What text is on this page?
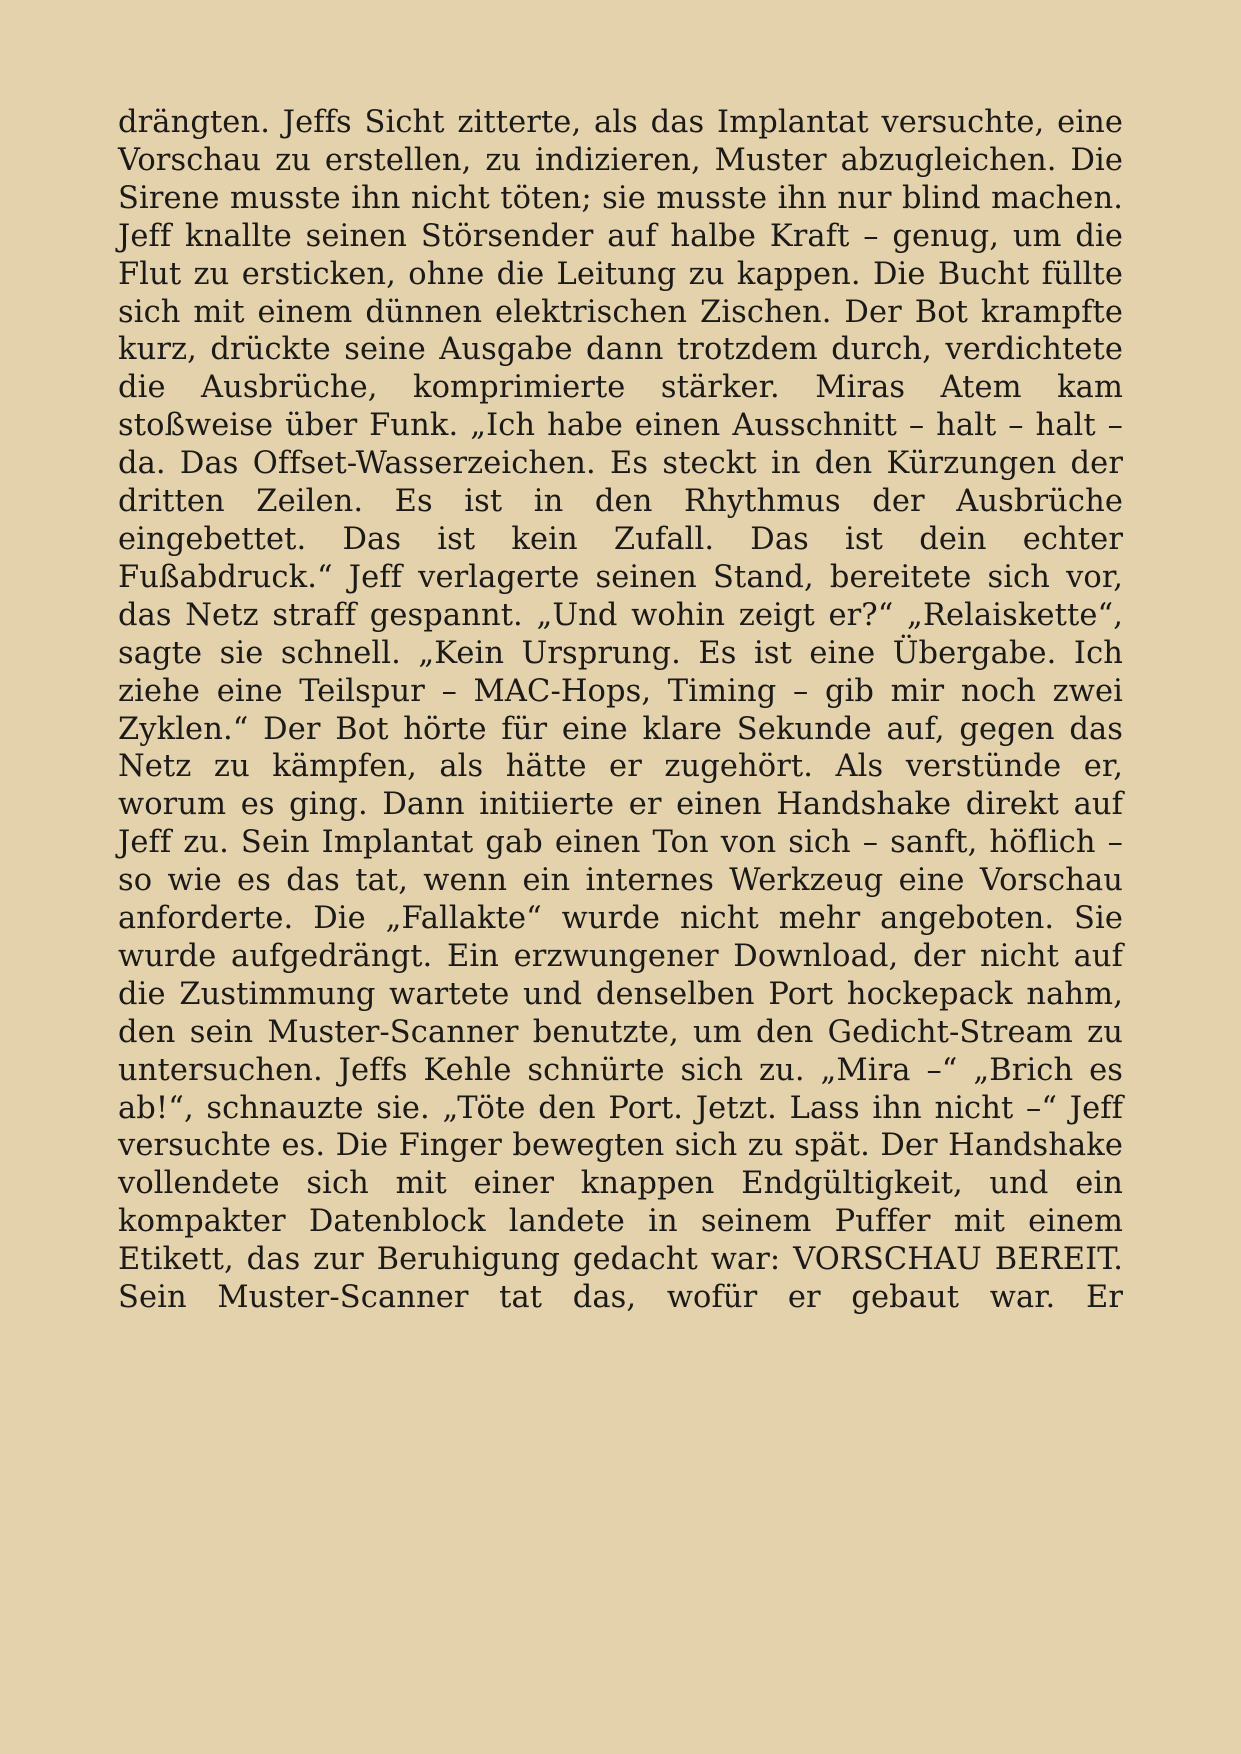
drängten. Jeffs Sicht zitterte, als das Implantat versuchte, eine Vorschau zu erstellen, zu indizieren, Muster abzugleichen. Die Sirene musste ihn nicht töten; sie musste ihn nur blind machen. Jeff knallte seinen Störsender auf halbe Kraft – genug, um die Flut zu ersticken, ohne die Leitung zu kappen. Die Bucht füllte sich mit einem dünnen elektrischen Zischen. Der Bot krampfte kurz, drückte seine Ausgabe dann trotzdem durch, verdichtete die Ausbrüche, komprimierte stärker. Miras Atem kam stoßweise über Funk. „Ich habe einen Ausschnitt – halt – halt – da. Das Offset-Wasserzeichen. Es steckt in den Kürzungen der dritten Zeilen. Es ist in den Rhythmus der Ausbrüche eingebettet. Das ist kein Zufall. Das ist dein echter Fußabdruck.“ Jeff verlagerte seinen Stand, bereitete sich vor, das Netz straff gespannt. „Und wohin zeigt er?“ „Relaiskette“, sagte sie schnell. „Kein Ursprung. Es ist eine Übergabe. Ich ziehe eine Teilspur – MAC-Hops, Timing – gib mir noch zwei Zyklen.“ Der Bot hörte für eine klare Sekunde auf, gegen das Netz zu kämpfen, als hätte er zugehört. Als verstünde er, worum es ging. Dann initiierte er einen Handshake direkt auf Jeff zu. Sein Implantat gab einen Ton von sich – sanft, höflich – so wie es das tat, wenn ein internes Werkzeug eine Vorschau anforderte. Die „Fallakte“ wurde nicht mehr angeboten. Sie wurde aufgedrängt. Ein erzwungener Download, der nicht auf die Zustimmung wartete und denselben Port hockepack nahm, den sein Muster-Scanner benutzte, um den Gedicht-Stream zu untersuchen. Jeffs Kehle schnürte sich zu. „Mira –“ „Brich es ab!“, schnauzte sie. „Töte den Port. Jetzt. Lass ihn nicht –“ Jeff versuchte es. Die Finger bewegten sich zu spät. Der Handshake vollendete sich mit einer knappen Endgültigkeit, und ein kompakter Datenblock landete in seinem Puffer mit einem Etikett, das zur Beruhigung gedacht war: VORSCHAU BEREIT. Sein Muster-Scanner tat das, wofür er gebaut war. Er
